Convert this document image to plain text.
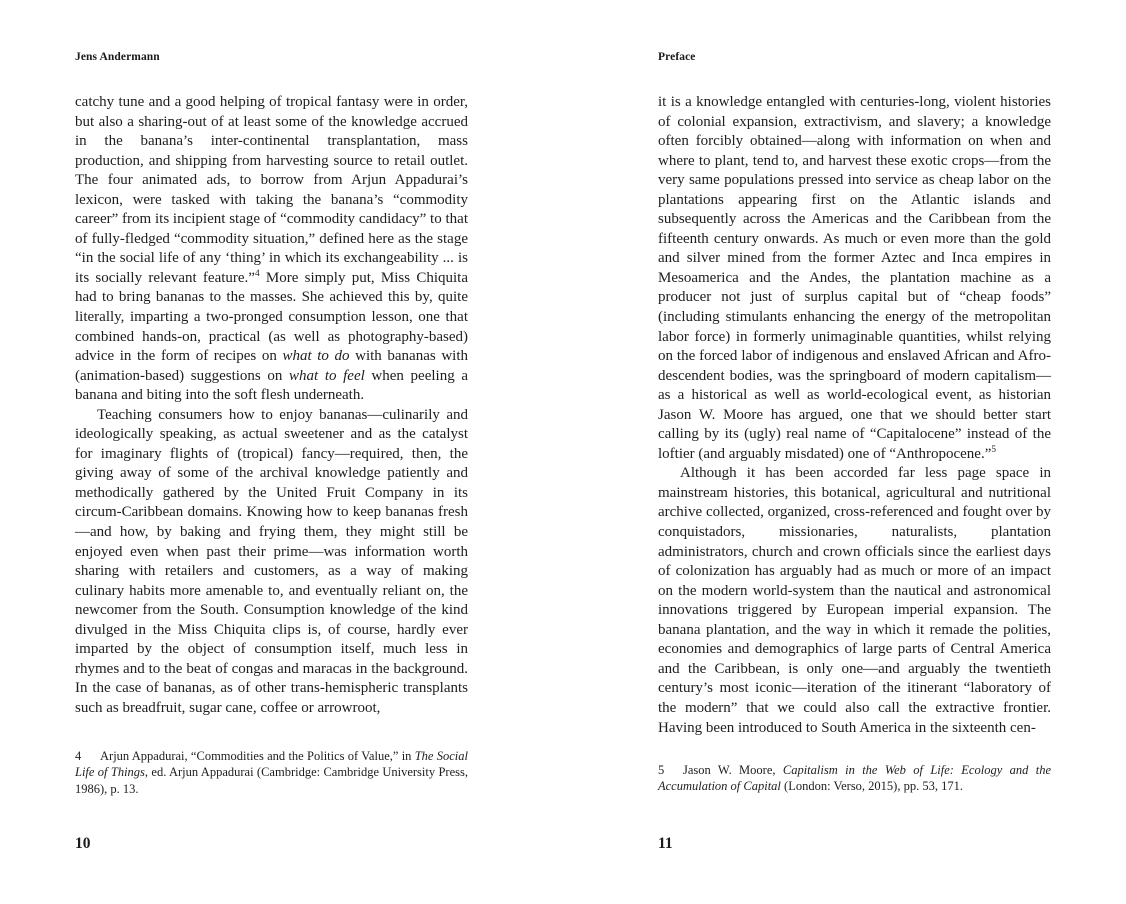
Jens Andermann

catchy tune and a good helping of tropical fantasy were in order, but also a sharing-out of at least some of the knowledge accrued in the banana’s inter-continental transplantation, mass production, and shipping from harvesting source to retail outlet. The four animated ads, to borrow from Arjun Appadurai’s lexicon, were tasked with taking the banana’s “commodity career” from its incipient stage of “commodity candidacy” to that of fully-fledged “commodity situation,” defined here as the stage “in the social life of any ‘thing’ in which its exchangeability ... is its socially relevant feature.”$^4$ More simply put, Miss Chiquita had to bring bananas to the masses. She achieved this by, quite literally, imparting a two-pronged consumption lesson, one that combined hands-on, practical (as well as photography-based) advice in the form of recipes on what to do with bananas with (animation-based) suggestions on what to feel when peeling a banana and biting into the soft flesh underneath.

Teaching consumers how to enjoy bananas—culinarily and ideologically speaking, as actual sweetener and as the catalyst for imaginary flights of (tropical) fancy—required, then, the giving away of some of the archival knowledge patiently and methodically gathered by the United Fruit Company in its circum-Caribbean domains. Knowing how to keep bananas fresh—and how, by baking and frying them, they might still be enjoyed even when past their prime—was information worth sharing with retailers and customers, as a way of making culinary habits more amenable to, and eventually reliant on, the newcomer from the South. Consumption knowledge of the kind divulged in the Miss Chiquita clips is, of course, hardly ever imparted by the object of consumption itself, much less in rhymes and to the beat of congas and maracas in the background. In the case of bananas, as of other trans-hemispheric transplants such as breadfruit, sugar cane, coffee or arrowroot,

4 Arjun Appadurai, “Commodities and the Politics of Value,” in The Social Life of Things, ed. Arjun Appadurai (Cambridge: Cambridge University Press, 1986), p. 13.

10
Preface

it is a knowledge entangled with centuries-long, violent histories of colonial expansion, extractivism, and slavery; a knowledge often forcibly obtained—along with information on when and where to plant, tend to, and harvest these exotic crops—from the very same populations pressed into service as cheap labor on the plantations appearing first on the Atlantic islands and subsequently across the Americas and the Caribbean from the fifteenth century onwards. As much or even more than the gold and silver mined from the former Aztec and Inca empires in Mesoamerica and the Andes, the plantation machine as a producer not just of surplus capital but of “cheap foods” (including stimulants enhancing the energy of the metropolitan labor force) in formerly unimaginable quantities, whilst relying on the forced labor of indigenous and enslaved African and Afro-descendent bodies, was the springboard of modern capitalism—as a historical as well as world-ecological event, as historian Jason W. Moore has argued, one that we should better start calling by its (ugly) real name of “Capitalocene” instead of the loftier (and arguably misdated) one of “Anthropocene.”$^5$

Although it has been accorded far less page space in mainstream histories, this botanical, agricultural and nutritional archive collected, organized, cross-referenced and fought over by conquistadors, missionaries, naturalists, plantation administrators, church and crown officials since the earliest days of colonization has arguably had as much or more of an impact on the modern world-system than the nautical and astronomical innovations triggered by European imperial expansion. The banana plantation, and the way in which it remade the polities, economies and demographics of large parts of Central America and the Caribbean, is only one—and arguably the twentieth century’s most iconic—iteration of the itinerant “laboratory of the modern” that we could also call the extractive frontier. Having been introduced to South America in the sixteenth cen-

5 Jason W. Moore, Capitalism in the Web of Life: Ecology and the Accumulation of Capital (London: Verso, 2015), pp. 53, 171.

11
